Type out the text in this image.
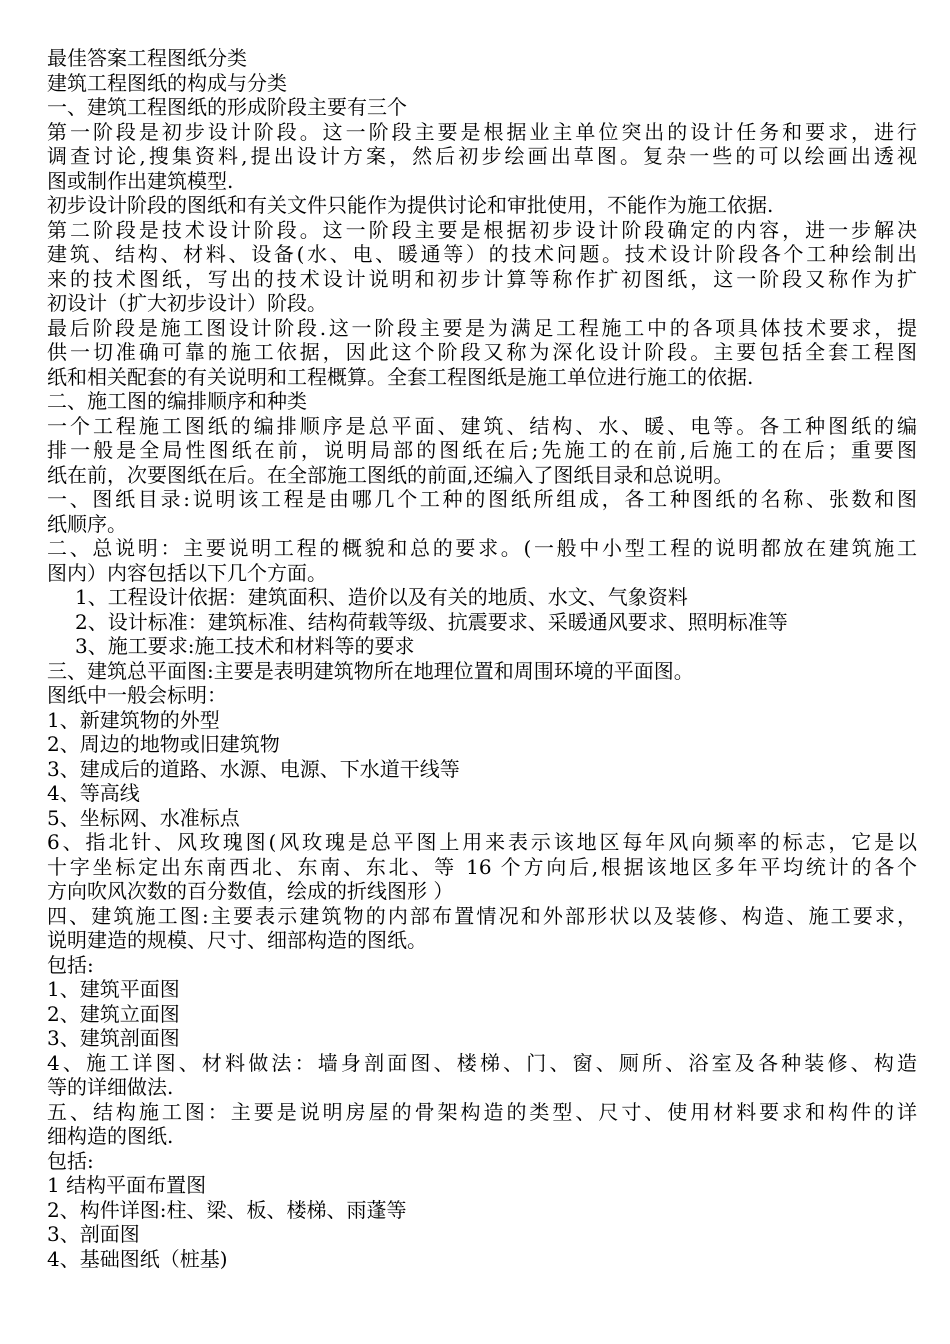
最佳答案工程图纸分类
建筑工程图纸的构成与分类
一、建筑工程图纸的形成阶段主要有三个
第一阶段是初步设计阶段。这一阶段主要是根据业主单位突出的设计任务和要求，进行
调查讨论,搜集资料,提出设计方案，然后初步绘画出草图。复杂一些的可以绘画出透视
图或制作出建筑模型.
初步设计阶段的图纸和有关文件只能作为提供讨论和审批使用，不能作为施工依据.
第二阶段是技术设计阶段。这一阶段主要是根据初步设计阶段确定的内容，进一步解决
建筑、结构、材料、设备(水、电、暖通等）的技术问题。技术设计阶段各个工种绘制出
来的技术图纸，写出的技术设计说明和初步计算等称作扩初图纸，这一阶段又称作为扩
初设计（扩大初步设计）阶段。
最后阶段是施工图设计阶段.这一阶段主要是为满足工程施工中的各项具体技术要求，提
供一切准确可靠的施工依据，因此这个阶段又称为深化设计阶段。主要包括全套工程图
纸和相关配套的有关说明和工程概算。全套工程图纸是施工单位进行施工的依据.
二、施工图的编排顺序和种类
一个工程施工图纸的编排顺序是总平面、建筑、结构、水、暖、电等。各工种图纸的编
排一般是全局性图纸在前，说明局部的图纸在后;先施工的在前,后施工的在后；重要图
纸在前，次要图纸在后。在全部施工图纸的前面,还编入了图纸目录和总说明。
一、图纸目录:说明该工程是由哪几个工种的图纸所组成，各工种图纸的名称、张数和图
纸顺序。
二、总说明：主要说明工程的概貌和总的要求。(一般中小型工程的说明都放在建筑施工
图内）内容包括以下几个方面。
1、工程设计依据：建筑面积、造价以及有关的地质、水文、气象资料
2、设计标准：建筑标准、结构荷载等级、抗震要求、采暖通风要求、照明标准等
3、施工要求:施工技术和材料等的要求
三、建筑总平面图:主要是表明建筑物所在地理位置和周围环境的平面图。
图纸中一般会标明：
1、新建筑物的外型
2、周边的地物或旧建筑物
3、建成后的道路、水源、电源、下水道干线等
4、等高线
5、坐标网、水准标点
6、指北针、风玫瑰图(风玫瑰是总平图上用来表示该地区每年风向频率的标志，它是以
十字坐标定出东南西北、东南、东北、等 16 个方向后,根据该地区多年平均统计的各个
方向吹风次数的百分数值，绘成的折线图形 ）
四、建筑施工图:主要表示建筑物的内部布置情况和外部形状以及装修、构造、施工要求，
说明建造的规模、尺寸、细部构造的图纸。
包括:
1、建筑平面图
2、建筑立面图
3、建筑剖面图
4、施工详图、材料做法：墙身剖面图、楼梯、门、窗、厕所、浴室及各种装修、构造
等的详细做法.
五、结构施工图：主要是说明房屋的骨架构造的类型、尺寸、使用材料要求和构件的详
细构造的图纸.
包括:
1 结构平面布置图
2、构件详图:柱、梁、板、楼梯、雨蓬等
3、剖面图
4、基础图纸（桩基)
